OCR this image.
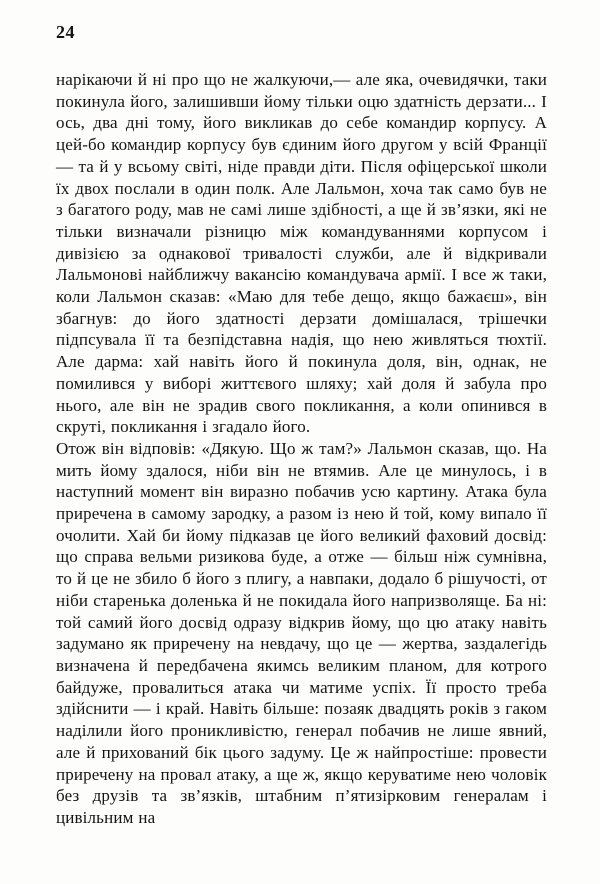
24

нарікаючи й ні про що не жалкуючи,— але яка, очевидячки, таки покинула його, залишивши йому тільки оцю здатність дерзати... І ось, два дні тому, його викликав до себе командир корпусу. А цей-бо командир корпусу був єдиним його другом у всій Франції — та й у всьому світі, ніде правди діти. Після офіцерської школи їх двох послали в один полк. Але Лальмон, хоча так само був не з багатого роду, мав не самі лише здібності, а ще й зв’язки, які не тільки визначали різницю між командуваннями корпусом і дивізією за однакової тривалості служби, але й відкривали Лальмонові найближчу вакансію командувача армії. І все ж таки, коли Лальмон сказав: «Маю для тебе дещо, якщо бажаєш», він збагнув: до його здатності дерзати домішалася, трішечки підпсувала її та безпідставна надія, що нею живляться тюхтії. Але дарма: хай навіть його й покинула доля, він, однак, не помилився у виборі життєвого шляху; хай доля й забула про нього, але він не зрадив свого покликання, а коли опинився в скруті, покликання і згадало його.

Отож він відповів: «Дякую. Що ж там?» Лальмон сказав, що. На мить йому здалося, ніби він не втямив. Але це минулось, і в наступний момент він виразно побачив усю картину. Атака була приречена в самому зародку, а разом із нею й той, кому випало її очолити. Хай би йому підказав це його великий фаховий досвід: що справа вельми ризикова буде, а отже — більш ніж сумнівна, то й це не збило б його з плигу, а навпаки, додало б рішучості, от ніби старенька доленька й не покидала його напризволяще. Ба ні: той самий його досвід одразу відкрив йому, що цю атаку навіть задумано як приречену на невдачу, що це — жертва, заздалегідь визначена й передбачена якимсь великим планом, для котрого байдуже, провалиться атака чи матиме успіх. Її просто треба здійснити — і край. Навіть більше: позаяк двадцять років з гаком наділили його проникливістю, генерал побачив не лише явний, але й прихований бік цього задуму. Це ж найпростіше: провести приречену на провал атаку, а ще ж, якщо керуватиме нею чоловік без друзів та зв’язків, штабним п’ятизірковим генералам і цивільним на
